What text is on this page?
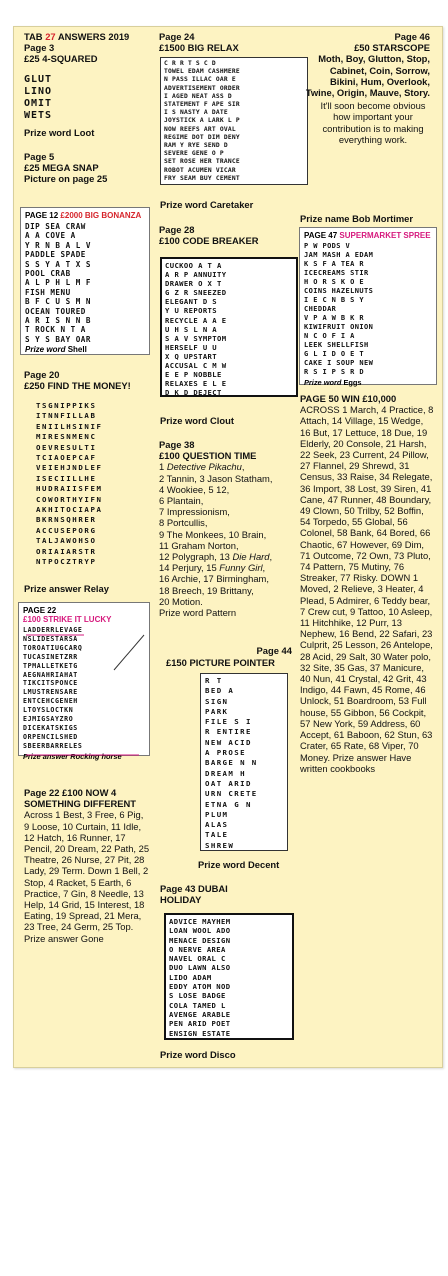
TAB 27 ANSWERS 2019
Page 3
£25 4-SQUARED
GLUT
LINO
OMIT
WETS
Prize word Loot
Page 5
£25 MEGA SNAP
Picture on page 25
PAGE 12 £2000 BIG BONANZA
DIP SEA CRAW
A A COVE A
Y R N B A L V
PADDLE SPADE
S S Y A T X S
POOL CRAB
A L P H L M F
FISH MENU
B F C U S M N
OCEAN TOURED
A R I S N N B
T ROCK N T A
S Y S BAY OAR
Prize word Shell
Page 20
£250 FIND THE MONEY!
TSGNIPPIKS
ITNNFILLAB
ENIILHSINIF
MIRESNMENC
OEVRESULTI
TCIAOEPCAF
VEIEHJNDLEF
ISECIILLHE
HUDRAIISFEM
COWORTHYIFN
AKHITOCIAPA
BKRNSQHRER
ACCUSEPORG
TALJAWOHSO
ORIAIARSTR
NTPOCZTRYP
Prize answer Relay
PAGE 22
£100 STRIKE IT LUCKY
LADDERRLEVAGE
NSLIDESTARSA
TOROATIUGCARQ
TUCASINETZRR
TPMALLETKETG
AEGNAHRIAHAT
TIKCITSPONCE
LMUSTRENSARE
ENTCEHCGENEH
LTOYSLOCTKN
EJMIGSAYZRO
DICEKATSKIGS
ORPENCILSHED
SBEERBARRELES
Prize answer Rocking horse
Page 22 £100 NOW 4 SOMETHING DIFFERENT
Across 1 Best, 3 Free, 6 Pig, 9 Loose, 10 Curtain, 11 Idle, 12 Hatch, 16 Runner, 17 Pencil, 20 Dream, 22 Path, 25 Theatre, 26 Nurse, 27 Pit, 28 Lady, 29 Term. Down 1 Bell, 2 Stop, 4 Racket, 5 Earth, 6 Practice, 7 Gin, 8 Needle, 13 Help, 14 Grid, 15 Interest, 18 Eating, 19 Spread, 21 Mera, 23 Tree, 24 Germ, 25 Top. Prize answer Gone
Page 24
£1500 BIG RELAX
C R R T S C D
TOWEL EDAM CASHMERE
N PASS ILLAC OAR E
ADVERTISEMENT ORDER
I AGED NEAT ASS D
STATEMENT F APE SIR
I S NASTY A DATE
JOYSTICK A LARK L P
NOW REEFS ART OVAL
REGIME DOT DIM DENY
RAM Y RYE SEND D
SEVERE GENE O P
SET ROSE HER TRANCE
ROBOT ACUMEN VICAR
FRY SEAM BUY CEMENT
Prize word Caretaker
Page 28
£100 CODE BREAKER
CUCKOO A T A
A R P ANNUITY
DRAWER O X T
G Z R SNEEZED
ELEGANT D S
Y U REPORTS
RECYCLE A A E
U H S L N A
S A V SYMPTOM
HERSELF U U
X Q UPSTART
ACCUSAL C M W
E E P NOBBLE
RELAXES E L E
D K D DEJECT
Prize word Clout
Page 38
£100 QUESTION TIME
1 Detective Pikachu,
2 Tannin, 3 Jason Statham,
4 Wookiee, 5 12,
6 Plantain,
7 Impressionism,
8 Portcullis,
9 The Monkees, 10 Brain,
11 Graham Norton,
12 Polygraph, 13 Die Hard,
14 Perjury, 15 Funny Girl,
16 Archie, 17 Birmingham,
18 Breech, 19 Brittany,
20 Motion.
Prize word Pattern
Page 44
£150 PICTURE POINTER
R T
BED A
SIGN
PARK
FILE S I
R ENTIRE
NEW ACID
A PROSE
BARGE N N
DREAM H
OAT ARID
URN CRETE
ETNA G N
PLUM
ALAS
TALE
SHREW
Prize word Decent
Page 43 DUBAI HOLIDAY
ADVICE MAYHEM
LOAN WOOL ADO
MENACE DESIGN
O NERVE AREA
NAVEL ORAL C
DUO LAWN ALSO
LIDO ADAM
EDDY ATOM NOD
S LOSE BADGE
COLA TAMED L
AVENGE ARABLE
PEN ARID POET
ENSIGN ESTATE
Prize word Disco
Page 46
£50 STARSCOPE
Moth, Boy, Glutton, Stop, Cabinet, Coin, Sorrow, Bikini, Hum, Overlook, Twine, Origin, Mauve, Story.
It'll soon become obvious how important your contribution is to making everything work.
Prize name Bob Mortimer
PAGE 47 SUPERMARKET SPREE
P W PODS V
JAM MASH A EDAM
K S F A TEA R
ICECREAMS STIR
H O R S K O E
COINS HAZELNUTS
I E C N B S Y
CHEDDAR
V P A W B K R
KIWIFRUIT ONION
N C O F I A
LEEK SHELLFISH
G L I D O E T
CAKE I SOUP NEW
R S I P S R D
Prize word Eggs
PAGE 50 WIN £10,000
ACROSS 1 March, 4 Practice, 8 Attach, 14 Village, 15 Wedge, 16 But, 17 Lettuce, 18 Due, 19 Elderly, 20 Console, 21 Harsh, 22 Seek, 23 Current, 24 Pillow, 27 Flannel, 29 Shrewd, 31 Census, 33 Raise, 34 Relegate, 36 Import, 38 Lost, 39 Siren, 41 Cane, 47 Runner, 48 Boundary, 49 Clown, 50 Trilby, 52 Boffin, 54 Torpedo, 55 Global, 56 Colonel, 58 Bank, 64 Bored, 66 Chaotic, 67 However, 69 Dim, 71 Outcome, 72 Own, 73 Pluto, 74 Pattern, 75 Mutiny, 76 Streaker, 77 Risky. DOWN 1 Moved, 2 Relieve, 3 Heater, 4 Plead, 5 Admirer, 6 Teddy bear, 7 Crew cut, 9 Tattoo, 10 Asleep, 11 Hitchhike, 12 Purr, 13 Nephew, 16 Bend, 22 Safari, 23 Culprit, 25 Lesson, 26 Antelope, 28 Acid, 29 Salt, 30 Water polo, 32 Site, 35 Gas, 37 Manicure, 40 Nun, 41 Crystal, 42 Grit, 43 Indigo, 44 Fawn, 45 Rome, 46 Unlock, 51 Boardroom, 53 Full house, 55 Gibbon, 56 Cockpit, 57 New York, 59 Address, 60 Accept, 61 Baboon, 62 Stun, 63 Crater, 65 Rate, 68 Viper, 70 Money. Prize answer Have written cookbooks
